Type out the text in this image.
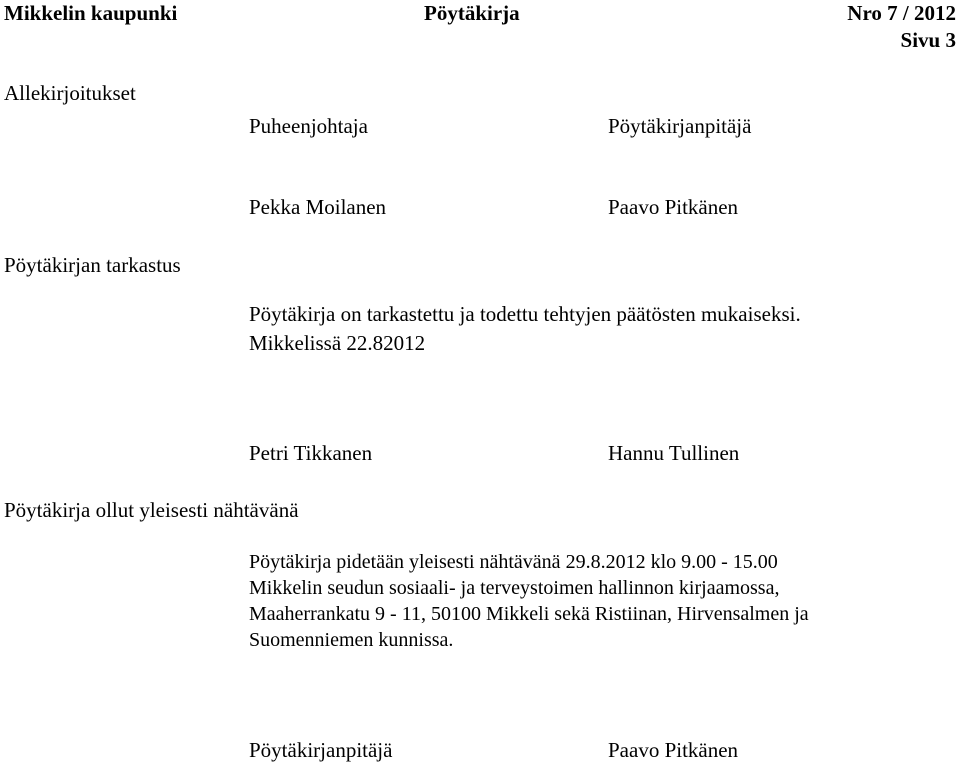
Mikkelin kaupunki	Pöytäkirja	Nro 7 / 2012
Sivu 3
Allekirjoitukset
Puheenjohtaja	Pöytäkirjanpitäjä
Pekka Moilanen	Paavo Pitkänen
Pöytäkirjan tarkastus
Pöytäkirja on tarkastettu ja todettu tehtyjen päätösten mukaiseksi.
Mikkelissä 22.82012
Petri Tikkanen	Hannu Tullinen
Pöytäkirja ollut yleisesti nähtävänä
Pöytäkirja pidetään yleisesti nähtävänä 29.8.2012 klo 9.00 - 15.00
Mikkelin seudun sosiaali- ja terveystoimen hallinnon kirjaamossa,
Maaherrankatu 9 - 11, 50100 Mikkeli sekä Ristiinan, Hirvensalmen ja
Suomenniemen kunnissa.
Pöytäkirjanpitäjä	Paavo Pitkänen
